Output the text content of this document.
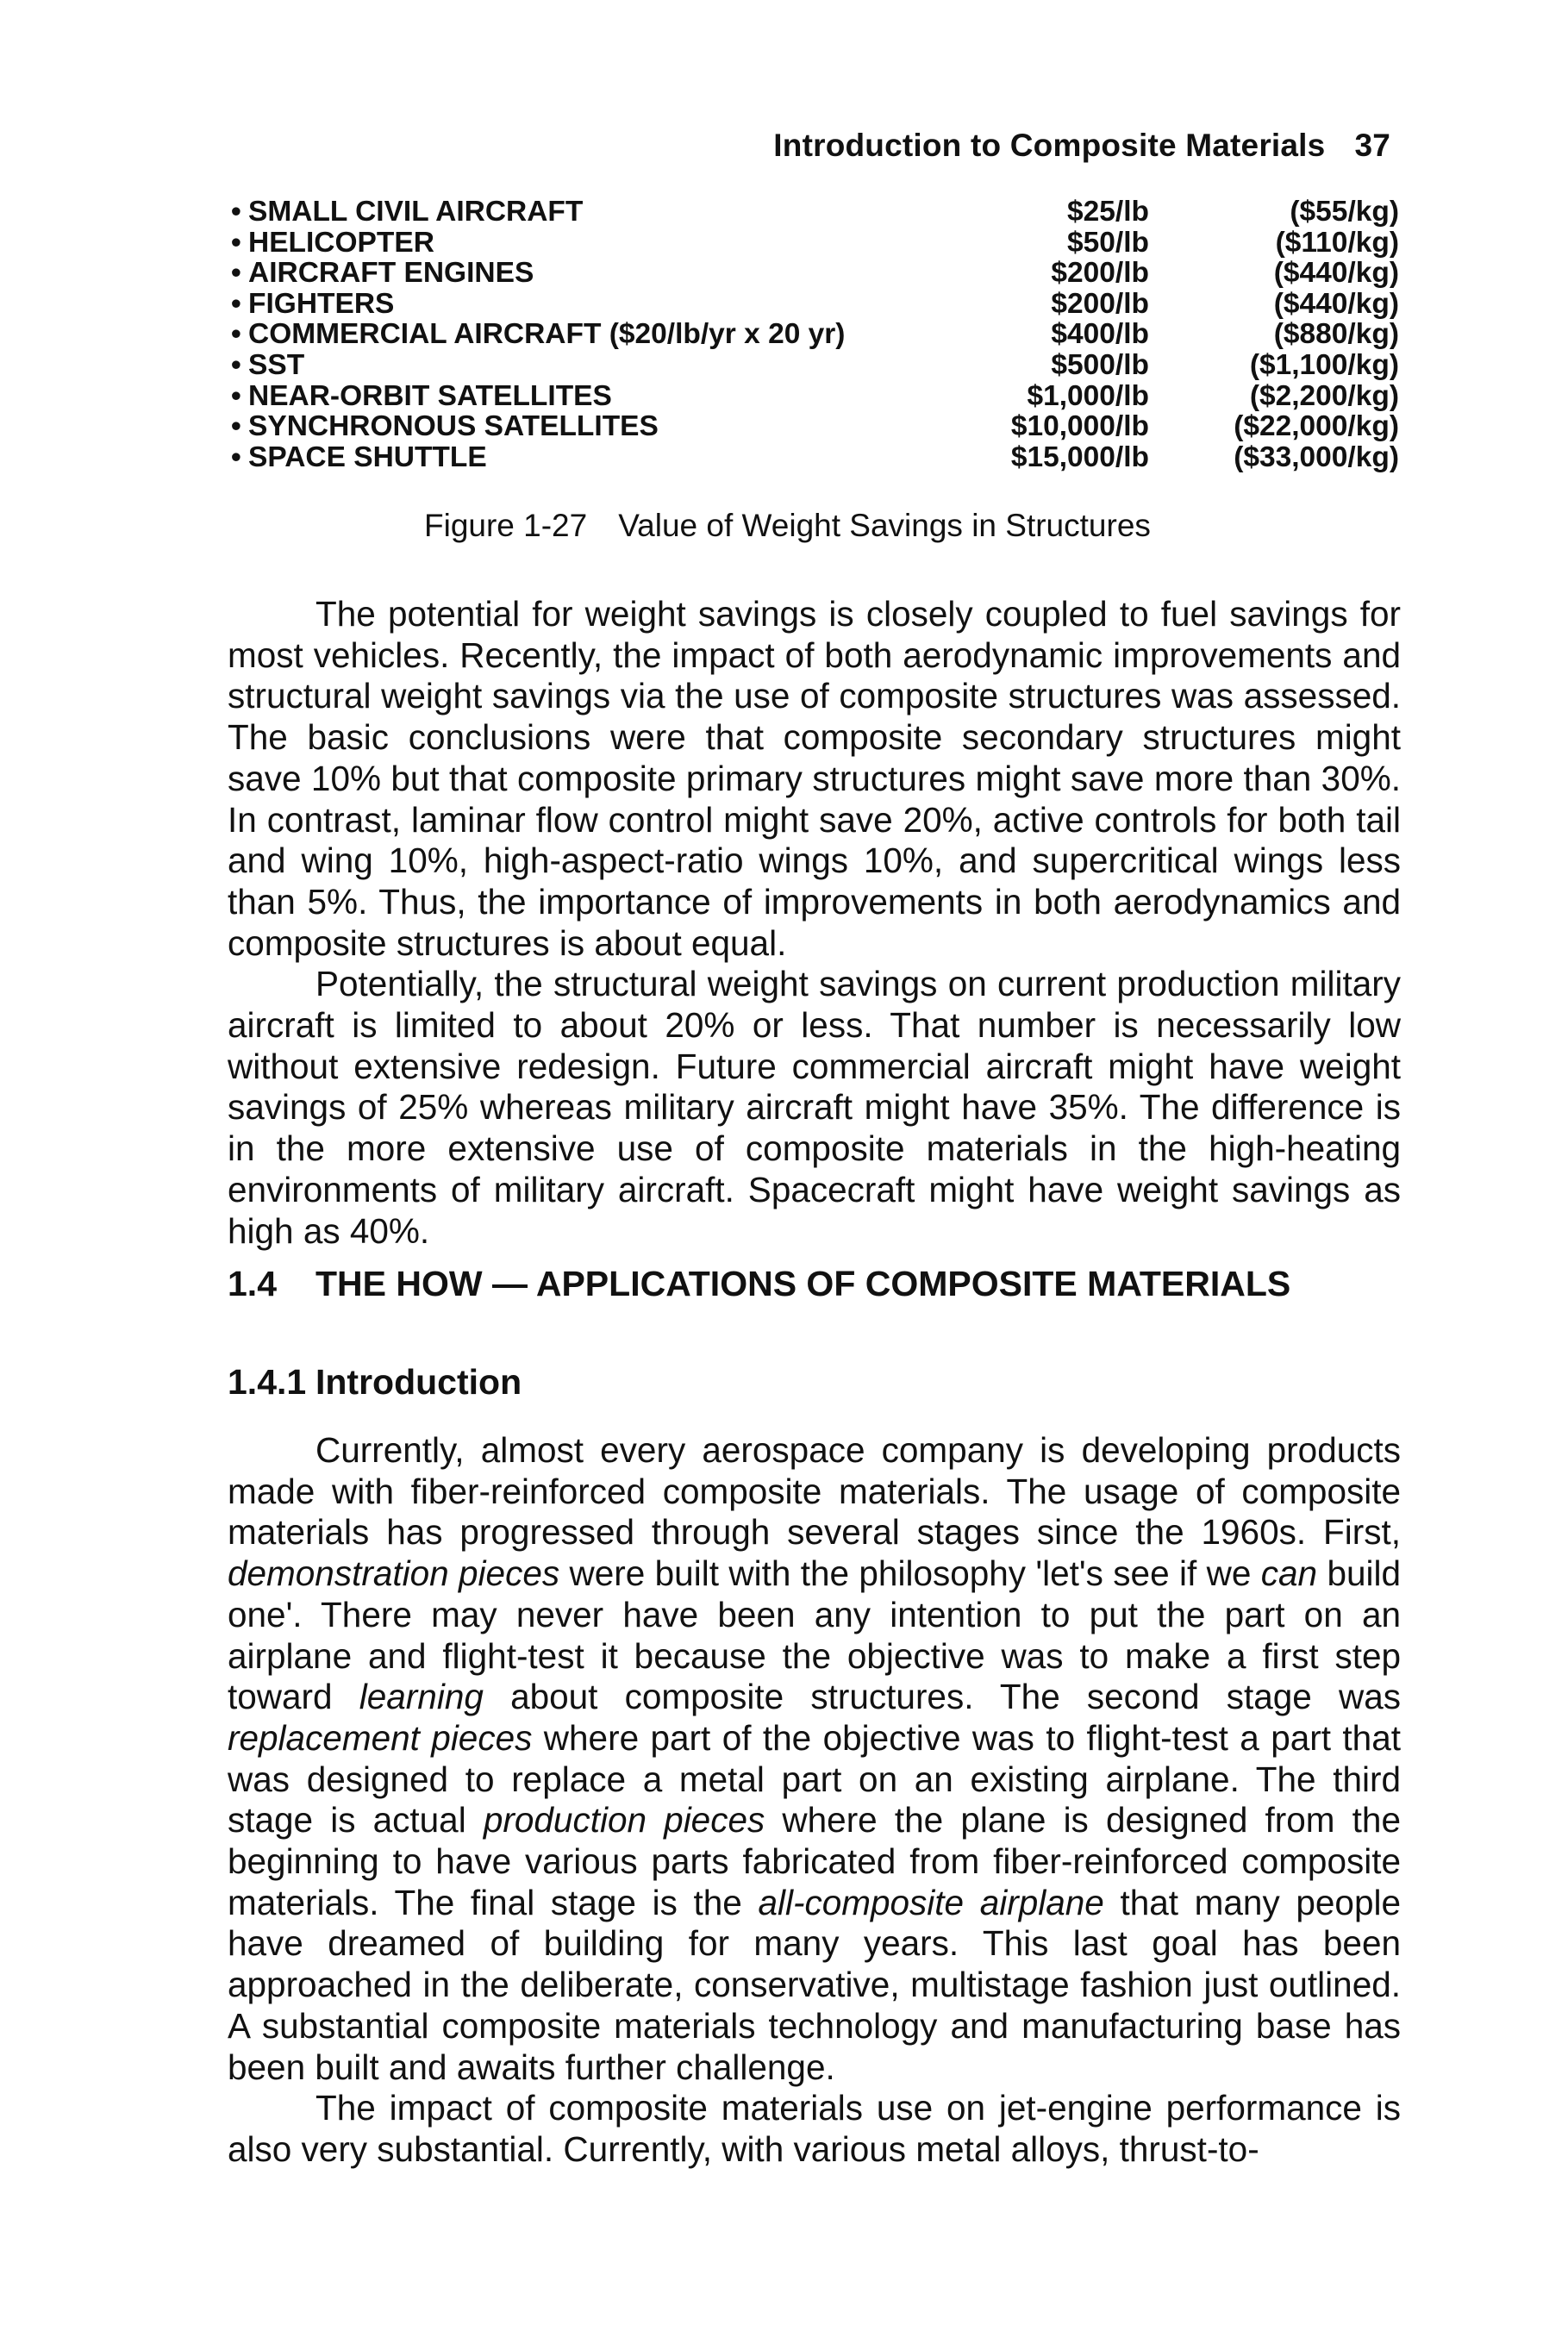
Introduction to Composite Materials 37
• SMALL CIVIL AIRCRAFT	$25/lb	($55/kg)
• HELICOPTER	$50/lb	($110/kg)
• AIRCRAFT ENGINES	$200/lb	($440/kg)
• FIGHTERS	$200/lb	($440/kg)
• COMMERCIAL AIRCRAFT ($20/lb/yr x 20 yr)	$400/lb	($880/kg)
• SST	$500/lb	($1,100/kg)
• NEAR-ORBIT SATELLITES	$1,000/lb	($2,200/kg)
• SYNCHRONOUS SATELLITES	$10,000/lb	($22,000/kg)
• SPACE SHUTTLE	$15,000/lb	($33,000/kg)
Figure 1-27 Value of Weight Savings in Structures

The potential for weight savings is closely coupled to fuel savings for most vehicles. Recently, the impact of both aerodynamic improvements and structural weight savings via the use of composite structures was assessed. The basic conclusions were that composite secondary structures might save 10% but that composite primary structures might save more than 30%. In contrast, laminar flow control might save 20%, active controls for both tail and wing 10%, high-aspect-ratio wings 10%, and supercritical wings less than 5%. Thus, the importance of improvements in both aerodynamics and composite structures is about equal.

Potentially, the structural weight savings on current production military aircraft is limited to about 20% or less. That number is necessarily low without extensive redesign. Future commercial aircraft might have weight savings of 25% whereas military aircraft might have 35%. The difference is in the more extensive use of composite materials in the high-heating environments of military aircraft. Spacecraft might have weight savings as high as 40%.

1.4 THE HOW — APPLICATIONS OF COMPOSITE MATERIALS
1.4.1 Introduction

Currently, almost every aerospace company is developing products made with fiber-reinforced composite materials. The usage of composite materials has progressed through several stages since the 1960s. First, demonstration pieces were built with the philosophy 'let's see if we can build one'. There may never have been any intention to put the part on an airplane and flight-test it because the objective was to make a first step toward learning about composite structures. The second stage was replacement pieces where part of the objective was to flight-test a part that was designed to replace a metal part on an existing airplane. The third stage is actual production pieces where the plane is designed from the beginning to have various parts fabricated from fiber-reinforced composite materials. The final stage is the all-composite airplane that many people have dreamed of building for many years. This last goal has been approached in the deliberate, conservative, multistage fashion just outlined. A substantial composite materials technology and manufacturing base has been built and awaits further challenge.

The impact of composite materials use on jet-engine performance is also very substantial. Currently, with various metal alloys, thrust-to-
